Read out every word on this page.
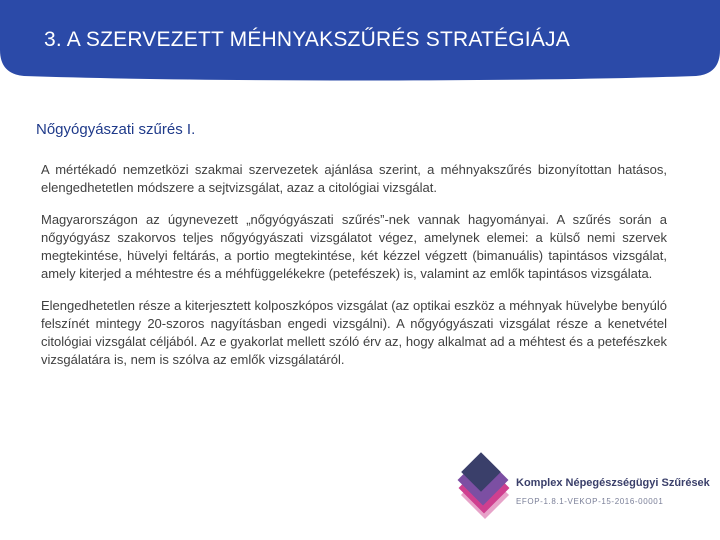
3. A SZERVEZETT MÉHNYAKSZŰRÉS STRATÉGIÁJA
Nőgyógyászati szűrés I.

A mértékadó nemzetközi szakmai szervezetek ajánlása szerint, a méhnyakszűrés bizonyítottan hatásos, elengedhetetlen módszere a sejtvizsgálat, azaz a citológiai vizsgálat.

Magyarországon az úgynevezett „nőgyógyászati szűrés”-nek vannak hagyományai. A szűrés során a nőgyógyász szakorvos teljes nőgyógyászati vizsgálatot végez, amelynek elemei: a külső nemi szervek megtekintése, hüvelyi feltárás, a portio megtekintése, két kézzel végzett (bimanuális) tapintásos vizsgálat, amely kiterjed a méhtestre és a méhfüggelékekre (petefészek) is, valamint az emlők tapintásos vizsgálata.

Elengedhetetlen része a kiterjesztett kolposzkópos vizsgálat (az optikai eszköz a méhnyak hüvelybe benyúló felszínét mintegy 20-szoros nagyításban engedi vizsgálni). A nőgyógyászati vizsgálat része a kenetvétel citológiai vizsgálat céljából. Az e gyakorlat mellett szóló érv az, hogy alkalmat ad a méhtest és a petefészkek vizsgálatára is, nem is szólva az emlők vizsgálatáról.

Komplex Népegészségügyi Szűrések
EFOP-1.8.1-VEKOP-15-2016-00001
